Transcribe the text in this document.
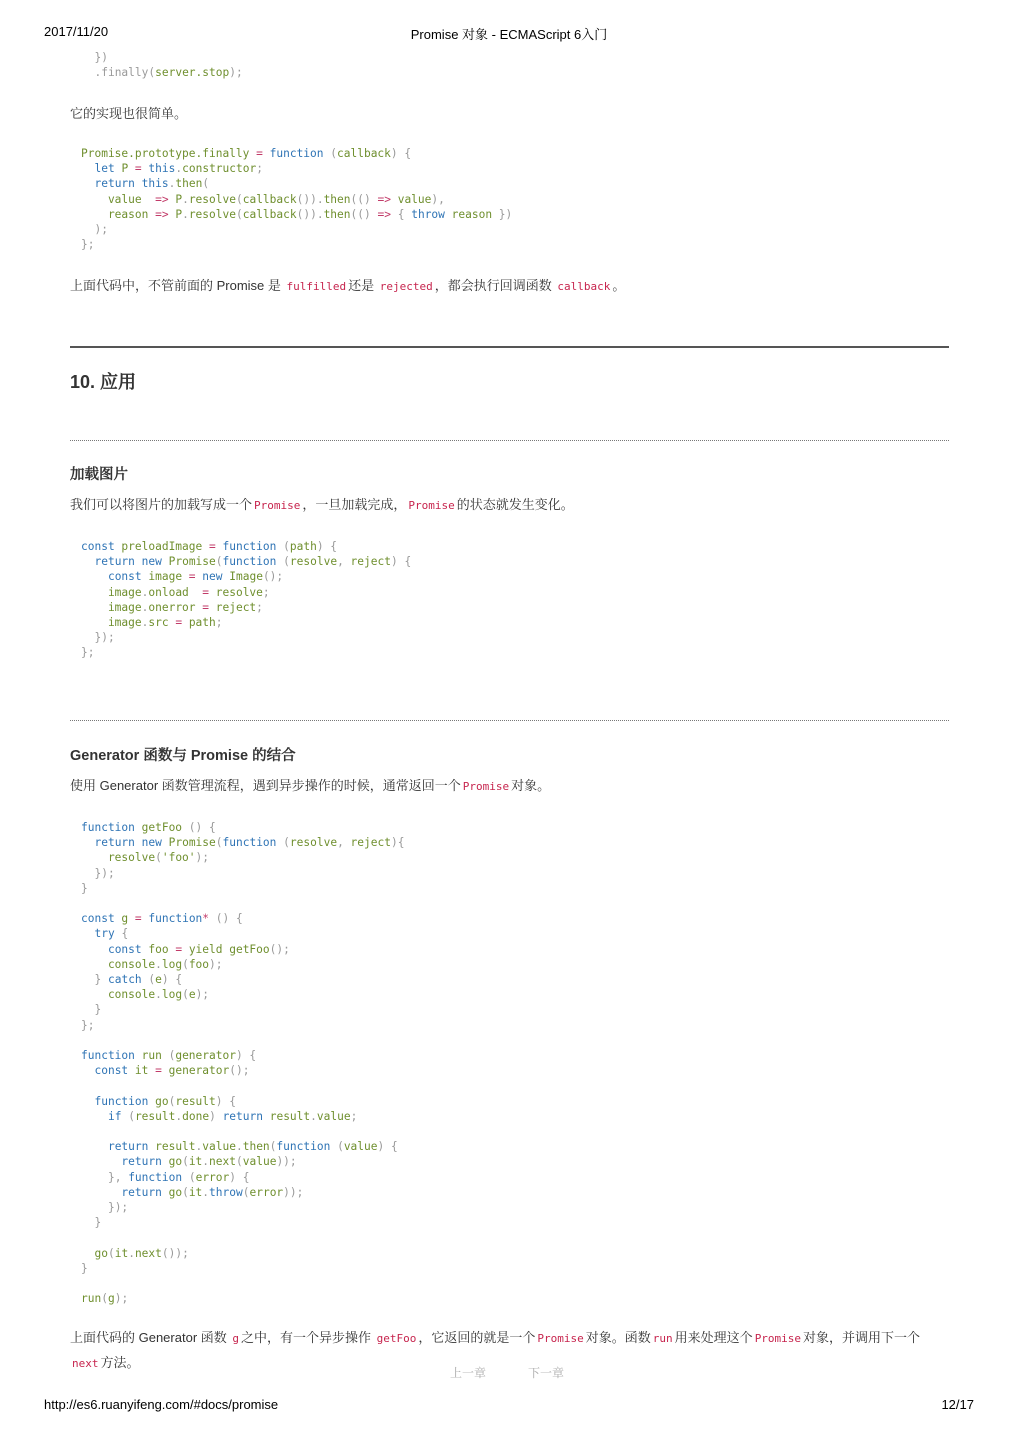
2017/11/20	Promise 对象 - ECMAScript 6入门
})
.finally(server.stop);

它的实现也很简单。

Promise.prototype.finally = function (callback) {
let P = this.constructor;
return this.then(
value  => P.resolve(callback()).then(() => value),
reason => P.resolve(callback()).then(() => { throw reason })
);
};

上面代码中，不管前面的 Promise 是 fulfilled 还是 rejected ，都会执行回调函数 callback 。

10. 应用
加载图片

我们可以将图片的加载写成一个 Promise ，一旦加载完成， Promise 的状态就发生变化。

const preloadImage = function (path) {
return new Promise(function (resolve, reject) {
const image = new Image();
image.onload  = resolve;
image.onerror = reject;
image.src = path;
});
};
Generator 函数与 Promise 的结合

使用 Generator 函数管理流程，遇到异步操作的时候，通常返回一个 Promise 对象。

function getFoo () {
return new Promise(function (resolve, reject){
resolve('foo');
});
}

const g = function* () {
try {
const foo = yield getFoo();
console.log(foo);
} catch (e) {
console.log(e);
}
};

function run (generator) {
const it = generator();

function go(result) {
if (result.done) return result.value;

return result.value.then(function (value) {
return go(it.next(value));
}, function (error) {
return go(it.throw(error));
});
}

go(it.next());
}

run(g);

上面代码的 Generator 函数 g 之中，有一个异步操作 getFoo ，它返回的就是一个 Promise 对象。函数 run 用来处理这个 Promise 对象，并调用下一个
next 方法。

上一章	下一章
http://es6.ruanyifeng.com/#docs/promise	12/17
